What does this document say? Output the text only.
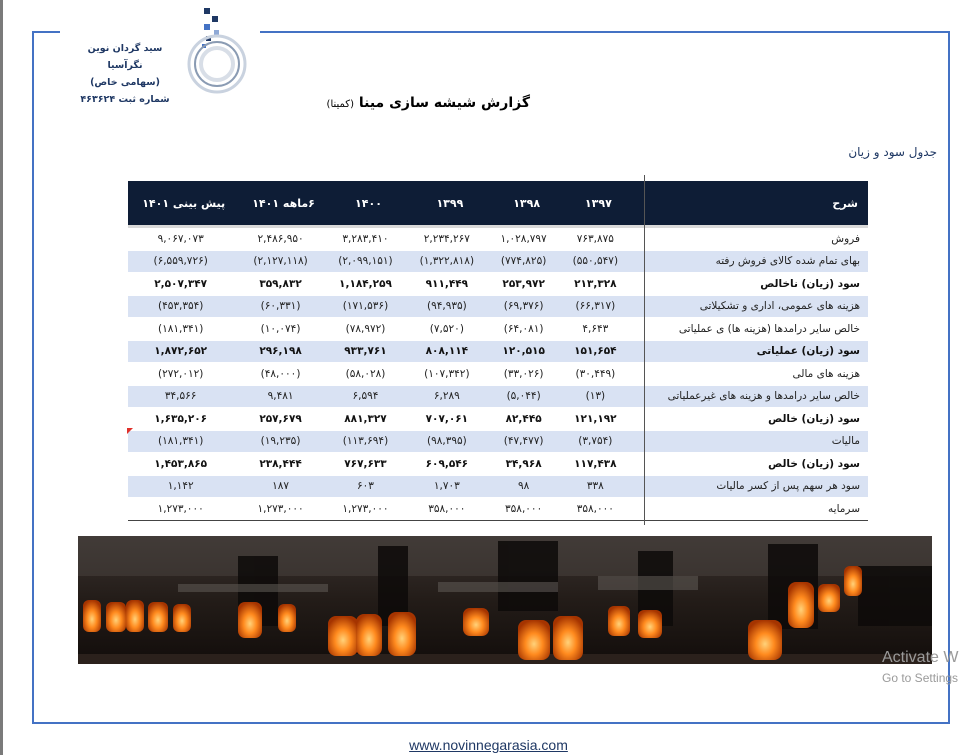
سید گردان نوین نگرآسیا
(سهامی خاص)
شماره ثبت ۴۶۳۶۲۴	گزارش شیشه سازی مینا (کمینا)
جدول سود و زیان
شرح	۱۳۹۷	۱۳۹۸	۱۳۹۹	۱۴۰۰	۶ماهه ۱۴۰۱	پیش بینی ۱۴۰۱
فروش	۷۶۳,۸۷۵	۱,۰۲۸,۷۹۷	۲,۲۳۴,۲۶۷	۳,۲۸۳,۴۱۰	۲,۴۸۶,۹۵۰	۹,۰۶۷,۰۷۳
بهای تمام شده کالای فروش رفته	(۵۵۰,۵۴۷)	(۷۷۴,۸۲۵)	(۱,۳۲۲,۸۱۸)	(۲,۰۹۹,۱۵۱)	(۲,۱۲۷,۱۱۸)	(۶,۵۵۹,۷۲۶)
سود (زیان) ناخالص	۲۱۳,۳۲۸	۲۵۳,۹۷۲	۹۱۱,۴۴۹	۱,۱۸۴,۲۵۹	۳۵۹,۸۳۲	۲,۵۰۷,۳۴۷
هزینه های عمومی، اداری و تشکیلاتی	(۶۶,۳۱۷)	(۶۹,۳۷۶)	(۹۴,۹۳۵)	(۱۷۱,۵۳۶)	(۶۰,۳۳۱)	(۴۵۳,۳۵۴)
خالص سایر درامدها (هزینه ها) ی عملیاتی	۴,۶۴۳	(۶۴,۰۸۱)	(۷,۵۲۰)	(۷۸,۹۷۲)	(۱۰,۰۷۴)	(۱۸۱,۳۴۱)
سود (زیان) عملیاتی	۱۵۱,۶۵۴	۱۲۰,۵۱۵	۸۰۸,۱۱۴	۹۳۳,۷۶۱	۲۹۶,۱۹۸	۱,۸۷۲,۶۵۲
هزینه های مالی	(۳۰,۴۴۹)	(۳۳,۰۲۶)	(۱۰۷,۳۴۲)	(۵۸,۰۲۸)	(۴۸,۰۰۰)	(۲۷۲,۰۱۲)
خالص سایر درامدها و هزینه های غیرعملیاتی	(۱۳)	(۵,۰۴۴)	۶,۲۸۹	۶,۵۹۴	۹,۴۸۱	۳۴,۵۶۶
سود (زیان) خالص	۱۲۱,۱۹۲	۸۲,۴۴۵	۷۰۷,۰۶۱	۸۸۱,۳۲۷	۲۵۷,۶۷۹	۱,۶۳۵,۲۰۶
مالیات	(۳,۷۵۴)	(۴۷,۴۷۷)	(۹۸,۳۹۵)	(۱۱۳,۶۹۴)	(۱۹,۲۳۵)	(۱۸۱,۳۴۱)
سود (زیان) خالص	۱۱۷,۴۳۸	۳۴,۹۶۸	۶۰۹,۵۴۶	۷۶۷,۶۳۳	۲۳۸,۴۴۴	۱,۴۵۳,۸۶۵
سود هر سهم پس از کسر مالیات	۳۳۸	۹۸	۱,۷۰۳	۶۰۳	۱۸۷	۱,۱۴۲
سرمایه	۳۵۸,۰۰۰	۳۵۸,۰۰۰	۳۵۸,۰۰۰	۱,۲۷۳,۰۰۰	۱,۲۷۳,۰۰۰	۱,۲۷۳,۰۰۰
Activate W
Go to Settings
www.novinnegarasia.com
